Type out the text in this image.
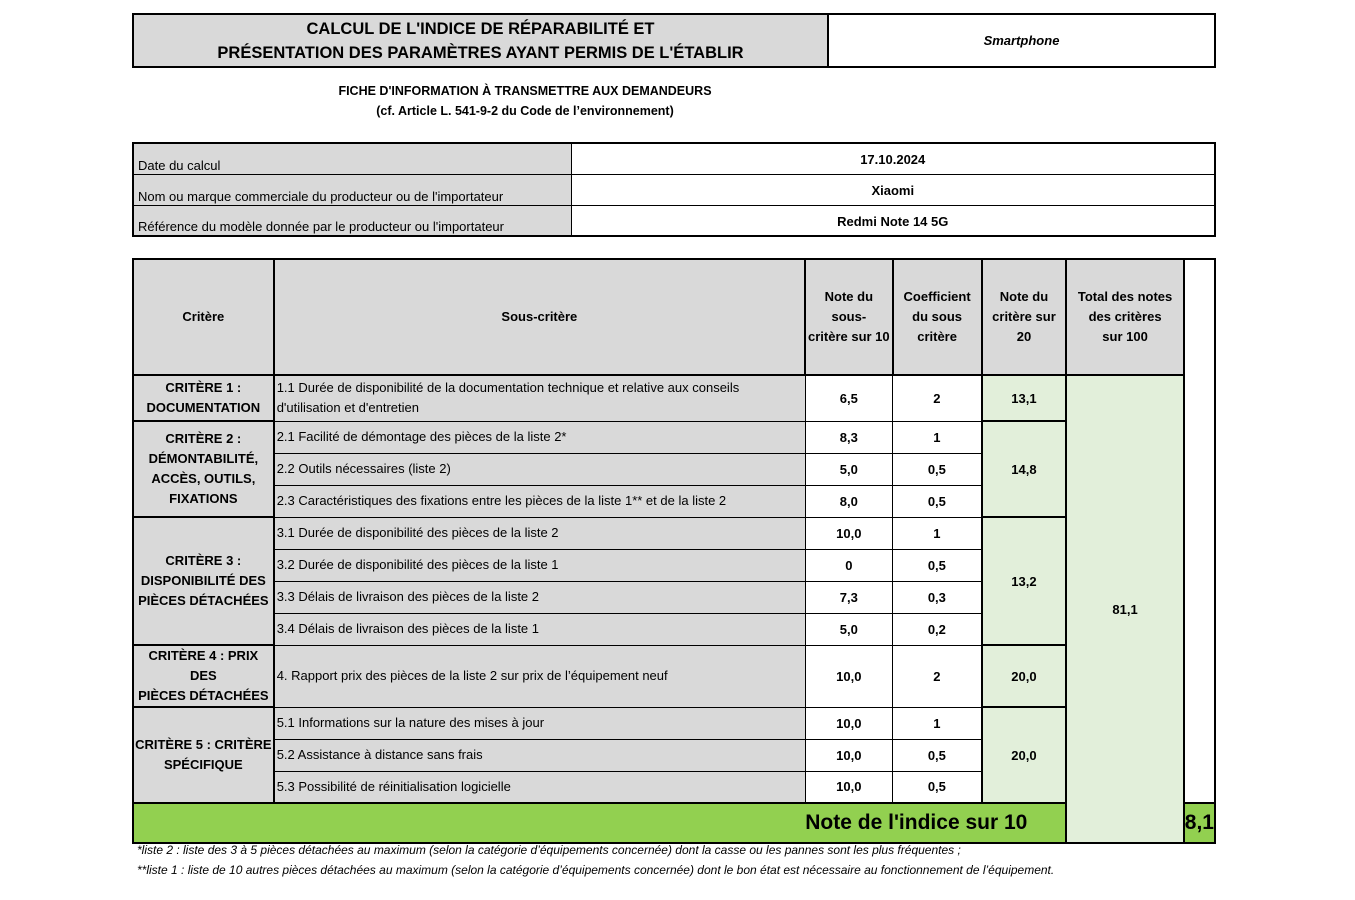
CALCUL DE L'INDICE DE RÉPARABILITÉ ET
PRÉSENTATION DES PARAMÈTRES AYANT PERMIS DE L'ÉTABLIR
Smartphone
FICHE D'INFORMATION À TRANSMETTRE AUX DEMANDEURS
(cf. Article L. 541-9-2 du Code de l’environnement)
Date du calcul	17.10.2024
Nom ou marque commerciale du producteur ou de l'importateur	Xiaomi
Référence du modèle donnée par le producteur ou l'importateur	Redmi Note 14 5G
Critère	Sous-critère	Note du sous-
critère sur 10	Coefficient
du sous
critère	Note du
critère sur
20	Total des notes
des critères
sur 100	
CRITÈRE 1 :
DOCUMENTATION	1.1 Durée de disponibilité de la documentation technique et relative aux conseils
d'utilisation et d'entretien	6,5	2	13,1	81,1	
CRITÈRE 2 :
DÉMONTABILITÉ,
ACCÈS, OUTILS,
FIXATIONS	2.1 Facilité de démontage des pièces de la liste 2*	8,3	1	14,8		
	2.2 Outils nécessaires (liste 2)	5,0	0,5			
	2.3 Caractéristiques des fixations entre les pièces de la liste 1** et de la liste 2	8,0	0,5			
CRITÈRE 3 :
DISPONIBILITÉ DES
PIÈCES DÉTACHÉES	3.1 Durée de disponibilité des pièces de la liste 2	10,0	1	13,2		
	3.2 Durée de disponibilité des pièces de la liste 1	0	0,5			
	3.3 Délais de livraison des pièces de la liste 2	7,3	0,3			
	3.4 Délais de livraison des pièces de la liste 1	5,0	0,2			
CRITÈRE 4 : PRIX DES
PIÈCES DÉTACHÉES	4. Rapport prix des pièces de la liste 2 sur prix de l’équipement neuf	10,0	2	20,0		
CRITÈRE 5 : CRITÈRE
SPÉCIFIQUE	5.1 Informations sur la nature des mises à jour	10,0	1	20,0		
	5.2 Assistance à distance sans frais	10,0	0,5			
	5.3 Possibilité de réinitialisation logicielle	10,0	0,5			
Note de l'indice sur 10						8,1
*liste 2 : liste des 3 à 5 pièces détachées au maximum (selon la catégorie d’équipements concernée) dont la casse ou les pannes sont les plus fréquentes ;
**liste 1 : liste de 10 autres pièces détachées au maximum (selon la catégorie d’équipements concernée) dont le bon état est nécessaire au fonctionnement de l’équipement.
